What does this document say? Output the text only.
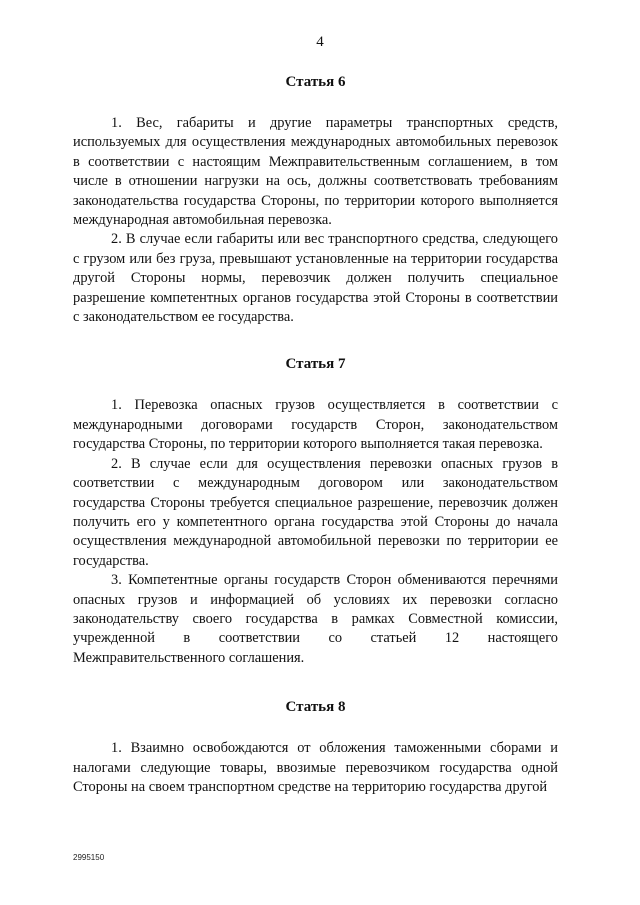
4
Статья 6

1. Вес, габариты и другие параметры транспортных средств, используемых для осуществления международных автомобильных перевозок в соответствии с настоящим Межправительственным соглашением, в том числе в отношении нагрузки на ось, должны соответствовать требованиям законодательства государства Стороны, по территории которого выполняется международная автомобильная перевозка.

2. В случае если габариты или вес транспортного средства, следующего с грузом или без груза, превышают установленные на территории государства другой Стороны нормы, перевозчик должен получить специальное разрешение компетентных органов государства этой Стороны в соответствии с законодательством ее государства.

Статья 7

1. Перевозка опасных грузов осуществляется в соответствии с международными договорами государств Сторон, законодательством государства Стороны, по территории которого выполняется такая перевозка.

2. В случае если для осуществления перевозки опасных грузов в соответствии с международным договором или законодательством государства Стороны требуется специальное разрешение, перевозчик должен получить его у компетентного органа государства этой Стороны до начала осуществления международной автомобильной перевозки по территории ее государства.

3. Компетентные органы государств Сторон обмениваются перечнями опасных грузов и информацией об условиях их перевозки согласно законодательству своего государства в рамках Совместной комиссии, учрежденной в соответствии со статьей 12 настоящего Межправительственного соглашения.

Статья 8

1. Взаимно освобождаются от обложения таможенными сборами и налогами следующие товары, ввозимые перевозчиком государства одной Стороны на своем транспортном средстве на территорию государства другой

2995150
